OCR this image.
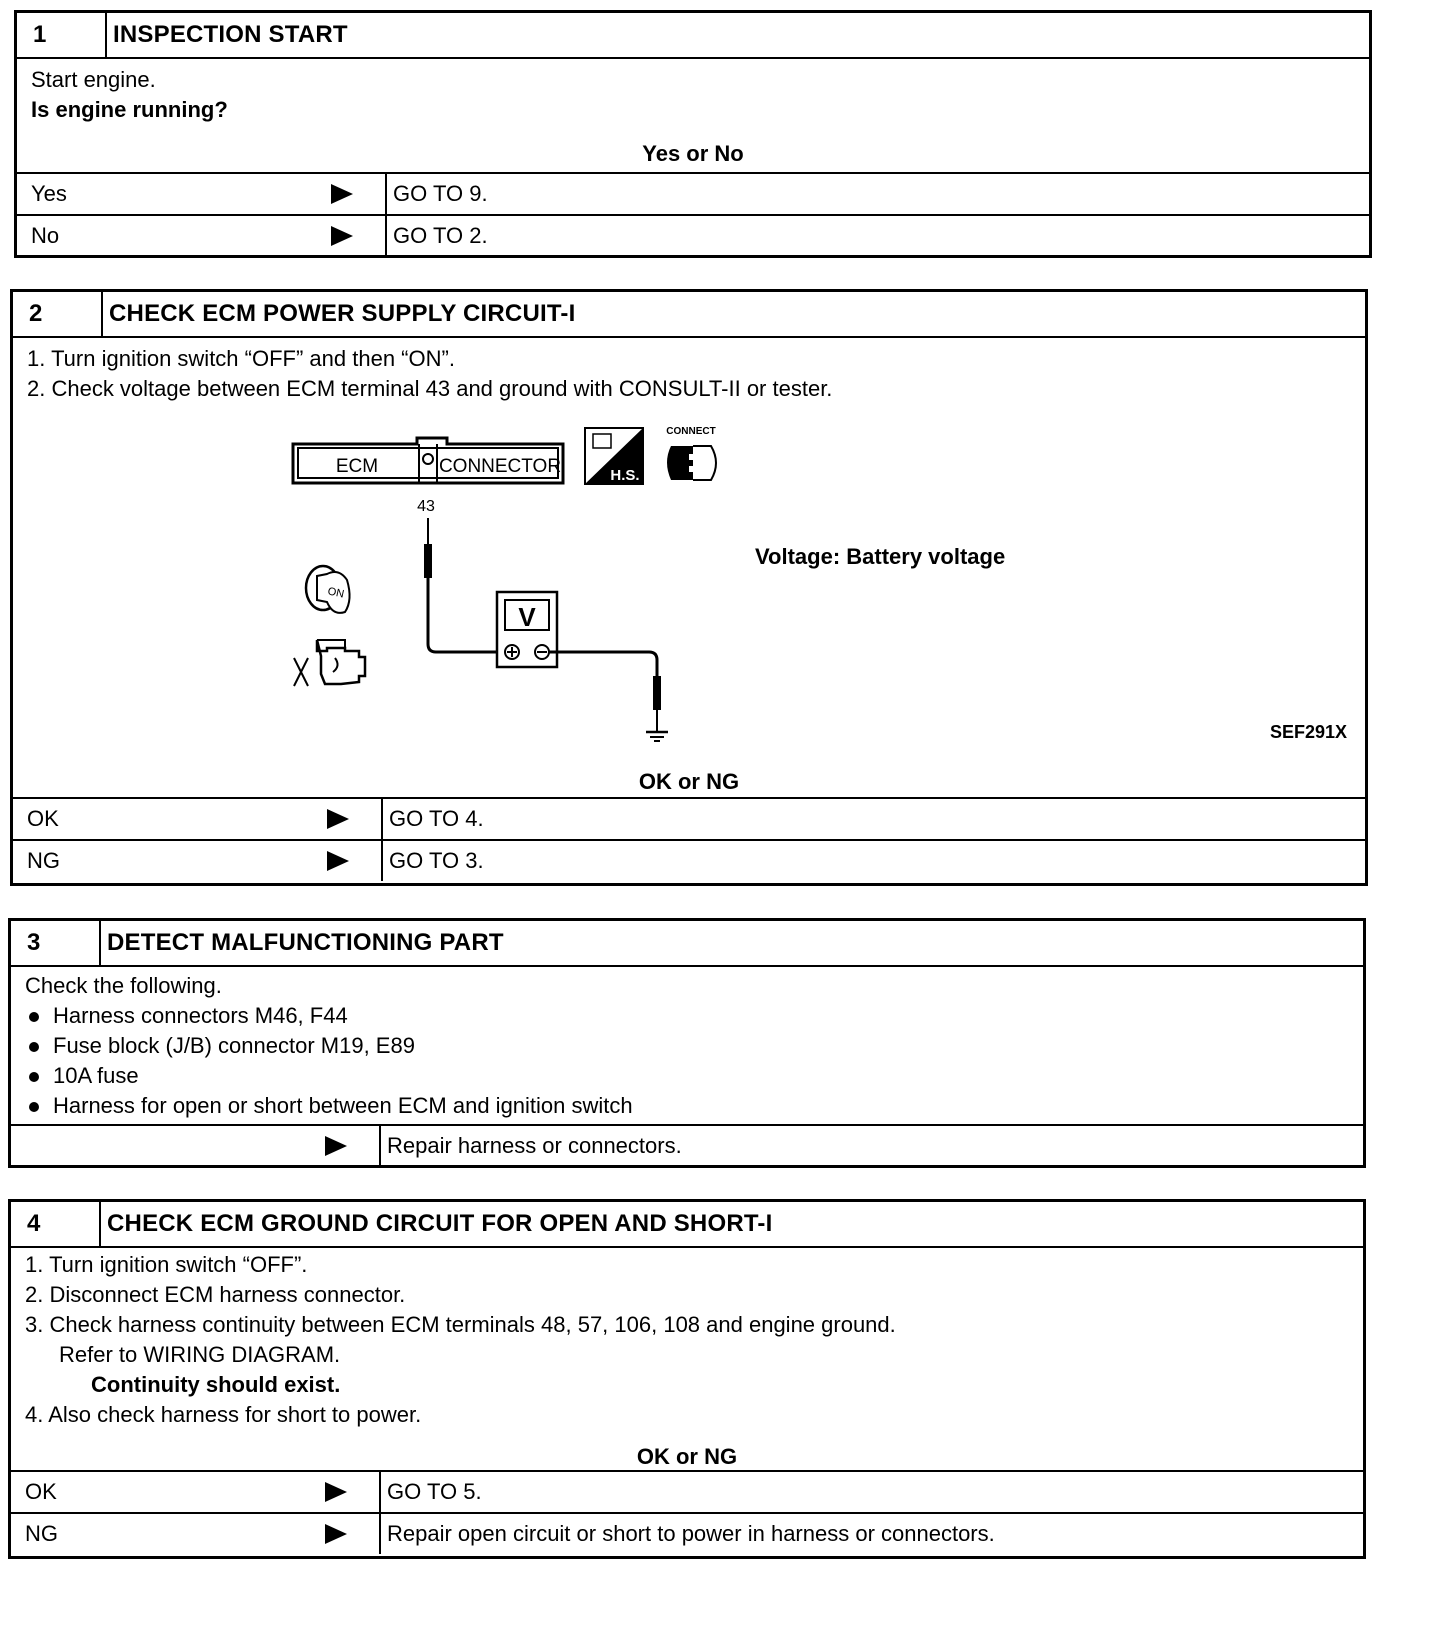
1	INSPECTION START
Start engine.
Is engine running?
Yes or No
Yes	GO TO 9.
No	GO TO 2.
2	CHECK ECM POWER SUPPLY CIRCUIT-I
1. Turn ignition switch “OFF” and then “ON”.
2. Check voltage between ECM terminal 43 and ground with CONSULT-II or tester.
ECM	CONNECTOR	H.S.
CONNECT
43
V
ON
Voltage: Battery voltage
SEF291X
OK or NG
OK	GO TO 4.
NG	GO TO 3.
3	DETECT MALFUNCTIONING PART
Check the following.
Harness connectors M46, F44
Fuse block (J/B) connector M19, E89
10A fuse
Harness for open or short between ECM and ignition switch
Repair harness or connectors.
4	CHECK ECM GROUND CIRCUIT FOR OPEN AND SHORT-I
1. Turn ignition switch “OFF”.
2. Disconnect ECM harness connector.
3. Check harness continuity between ECM terminals 48, 57, 106, 108 and engine ground.
Refer to WIRING DIAGRAM.
Continuity should exist.
4. Also check harness for short to power.
OK or NG
OK	GO TO 5.
NG	Repair open circuit or short to power in harness or connectors.
